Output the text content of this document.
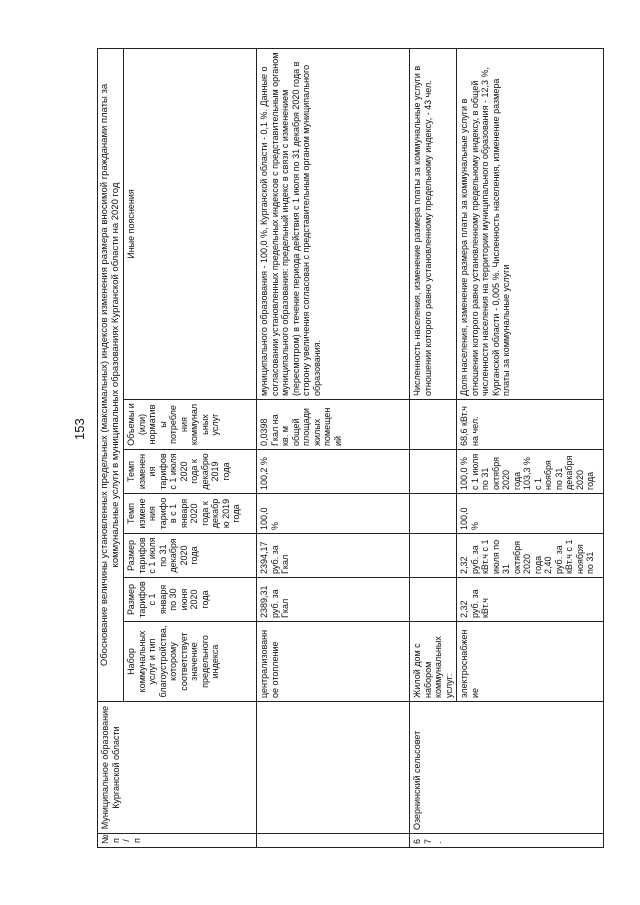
153
№ п/п	Муниципальное образование Курганской области	Обоснование величины установленных предельных (максимальных) индексов изменения размера вносимой гражданами платы за коммунальные услуги в муниципальных образованиях Курганской области на 2020 год						
		Набор коммунальных услуг и тип благоустройства, которому соответствует значение предельного индекса	Размер тарифов с 1 января по 30 июня 2020 года	Размер тарифов с 1 июля по 31 декабря 2020 года	Темп изменения тарифов с 1 января 2020 года к декабрю 2019 года	Темп изменения тарифов с 1 июля 2020 года к декабрю 2019 года	Объемы и (или) нормативы потребления коммунальных услуг	Иные пояснения
		централизованное отопление	2389,31 руб. за Гкал	2394,17 руб. за Гкал	100,0 %	100,2 %	0,0398 Гкал на кв. м общей площади жилых помещений	муниципального образования - 100,0 %, Курганской области - 0,1 %. Данные о согласовании установленных предельных индексов с представительным органом муниципального образования: предельный индекс в связи с изменением (пересмотром) в течение периода действия с 1 июля по 31 декабря 2020 года в сторону увеличения согласован с представительным органом муниципального образования.
67.	Озернинский сельсовет	Жилой дом с набором коммунальных услуг:						Численность населения, изменение размера платы за коммунальные услуги в отношении которого равно установленному предельному индексу, - 43 чел.
		электроснабжение	2,32 руб. за кВт.ч	2,32 руб. за кВт.ч с 1 июля по 31 октября 2020 года 2,40 руб. за кВт.ч с 1 ноября по 31	100,0 %	100,0 % с 1 июля по 31 октября 2020 года 103,3 % с 1 ноября по 31 декабря 2020 года	68,6 кВт.ч на чел.	Доля населения, изменение размера платы за коммунальные услуги в отношении которого равно установленному предельному индексу, в общей численности населения на территории муниципального образования - 12,3 %, Курганской области - 0,005 %. Численность населения, изменение размера платы за коммунальные услуги
